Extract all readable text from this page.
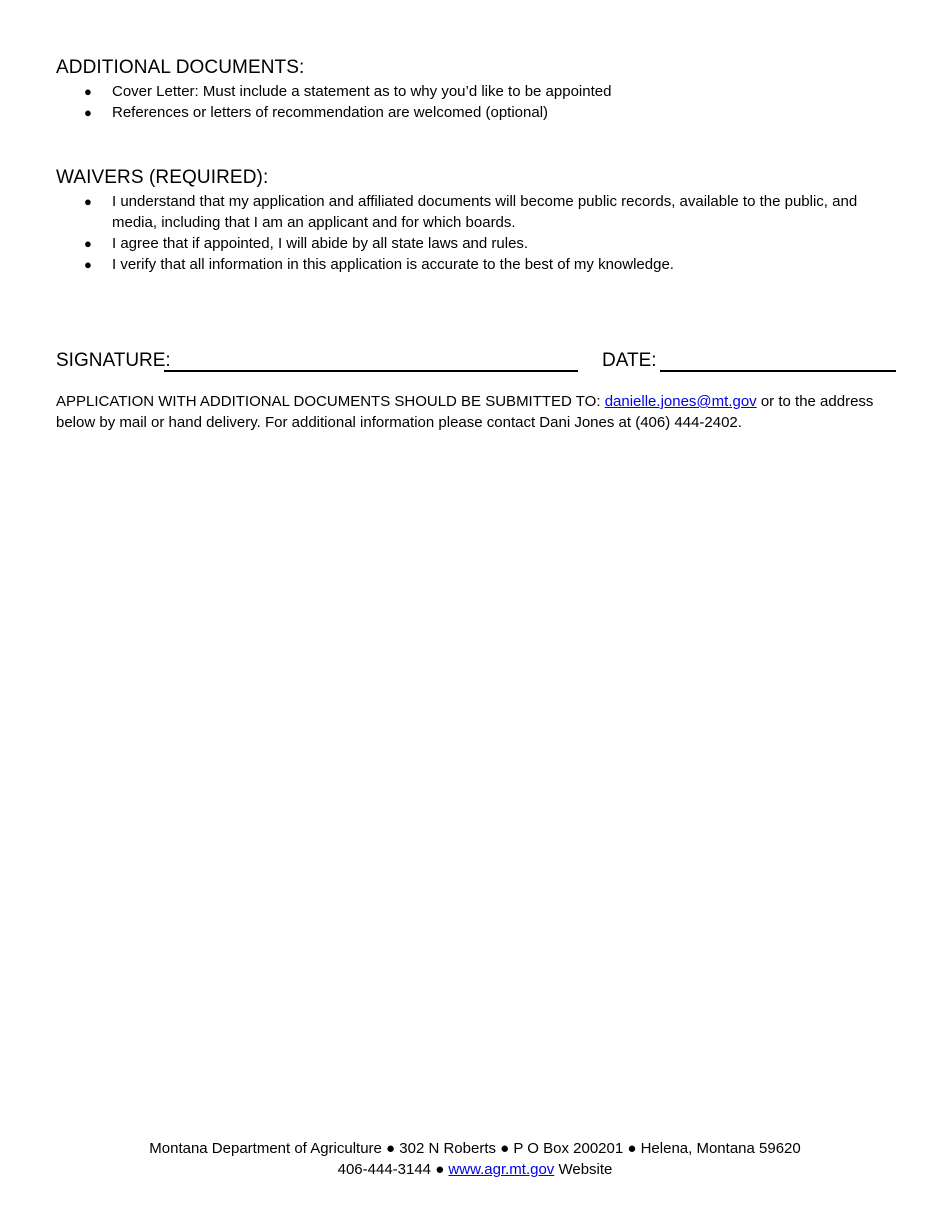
ADDITIONAL DOCUMENTS:
● Cover Letter: Must include a statement as to why you’d like to be appointed
● References or letters of recommendation are welcomed (optional)
WAIVERS (REQUIRED):
● I understand that my application and affiliated documents will become public records, available to the public, and media, including that I am an applicant and for which boards.
● I agree that if appointed, I will abide by all state laws and rules.
● I verify that all information in this application is accurate to the best of my knowledge.
SIGNATURE:	DATE:

APPLICATION WITH ADDITIONAL DOCUMENTS SHOULD BE SUBMITTED TO: danielle.jones@mt.gov or to the address below by mail or hand delivery. For additional information please contact Dani Jones at (406) 444-2402.

Montana Department of Agriculture ● 302 N Roberts ● P O Box 200201 ● Helena, Montana 59620
406-444-3144 ● www.agr.mt.gov Website
